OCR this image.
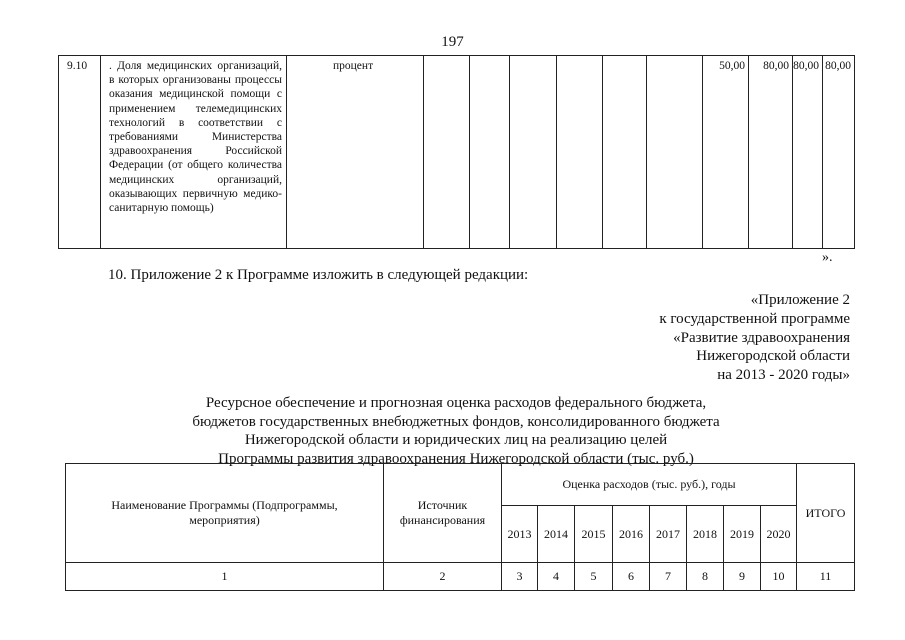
197
9.10	. Доля медицинских организаций, в которых организованы процессы оказания медицинской помощи с применением телемедицинских технологий в соответствии с требованиями Министерства здравоохранения Российской Федерации (от общего количества медицинских организаций, оказывающих первичную медико-санитарную помощь)	процент							50,00	80,00	80,00	80,00
».
10. Приложение 2 к Программе изложить в следующей редакции:
«Приложение 2
к государственной программе
«Развитие здравоохранения
Нижегородской области
на 2013 - 2020 годы»
Ресурсное обеспечение и прогнозная оценка расходов федерального бюджета,
бюджетов государственных внебюджетных фондов, консолидированного бюджета
Нижегородской области и юридических лиц на реализацию целей
Программы развития здравоохранения Нижегородской области (тыс. руб.)
Наименование Программы (Подпрограммы, мероприятия)	Источник финансирования	Оценка расходов (тыс. руб.), годы								ИТОГО
		2013	2014	2015	2016	2017	2018	2019	2020	
1	2	3	4	5	6	7	8	9	10	11
